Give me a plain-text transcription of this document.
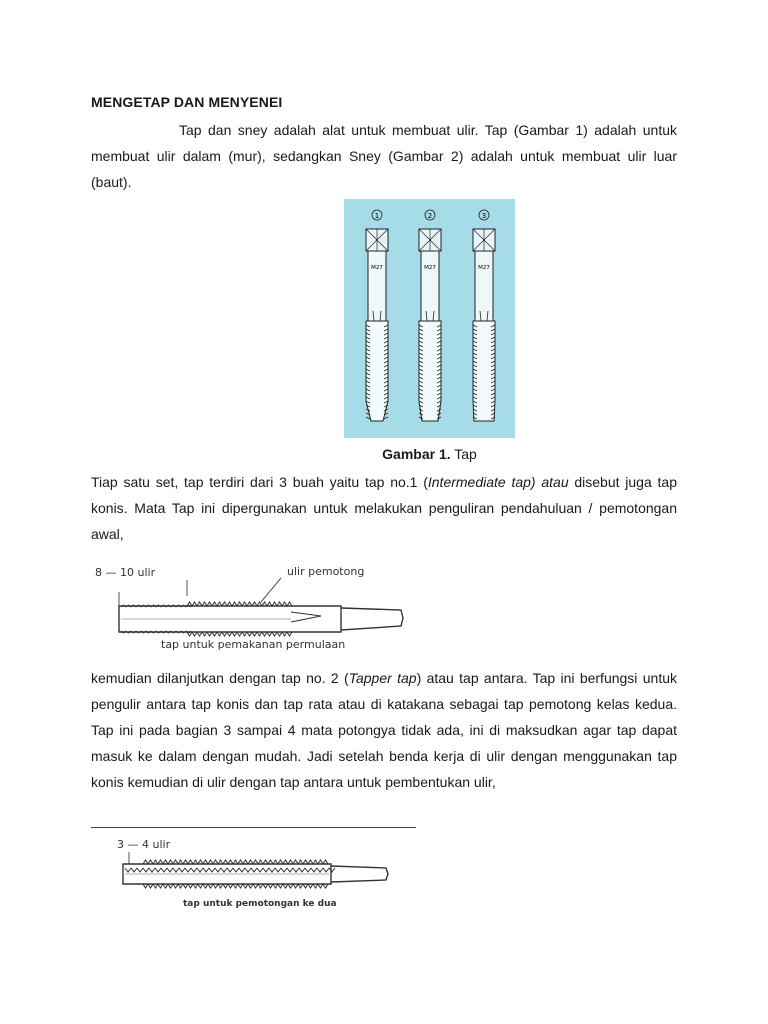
MENGETAP DAN MENYENEI

Tap dan sney adalah alat untuk membuat ulir. Tap (Gambar 1) adalah untuk membuat ulir dalam (mur), sedangkan Sney (Gambar 2) adalah untuk membuat ulir luar (baut).

1
M27
2
M27
3
M27
Gambar 1. Tap

Tiap satu set, tap terdiri dari 3 buah yaitu tap no.1 (Intermediate tap) atau disebut juga tap konis. Mata Tap ini dipergunakan untuk melakukan penguliran pendahuluan / pemotongan awal,

8 — 10 ulir	ulir pemotong
tap untuk pemakanan permulaan

kemudian dilanjutkan dengan tap no. 2 (Tapper tap) atau tap antara. Tap ini berfungsi untuk pengulir antara tap konis dan tap rata atau di katakana sebagai tap pemotong kelas kedua. Tap ini pada bagian 3 sampai 4 mata potongya tidak ada, ini di maksudkan agar tap dapat masuk ke dalam dengan mudah. Jadi setelah benda kerja di ulir dengan menggunakan tap konis kemudian di ulir dengan tap antara untuk pembentukan ulir,

3 — 4 ulir
tap untuk pemotongan ke dua
